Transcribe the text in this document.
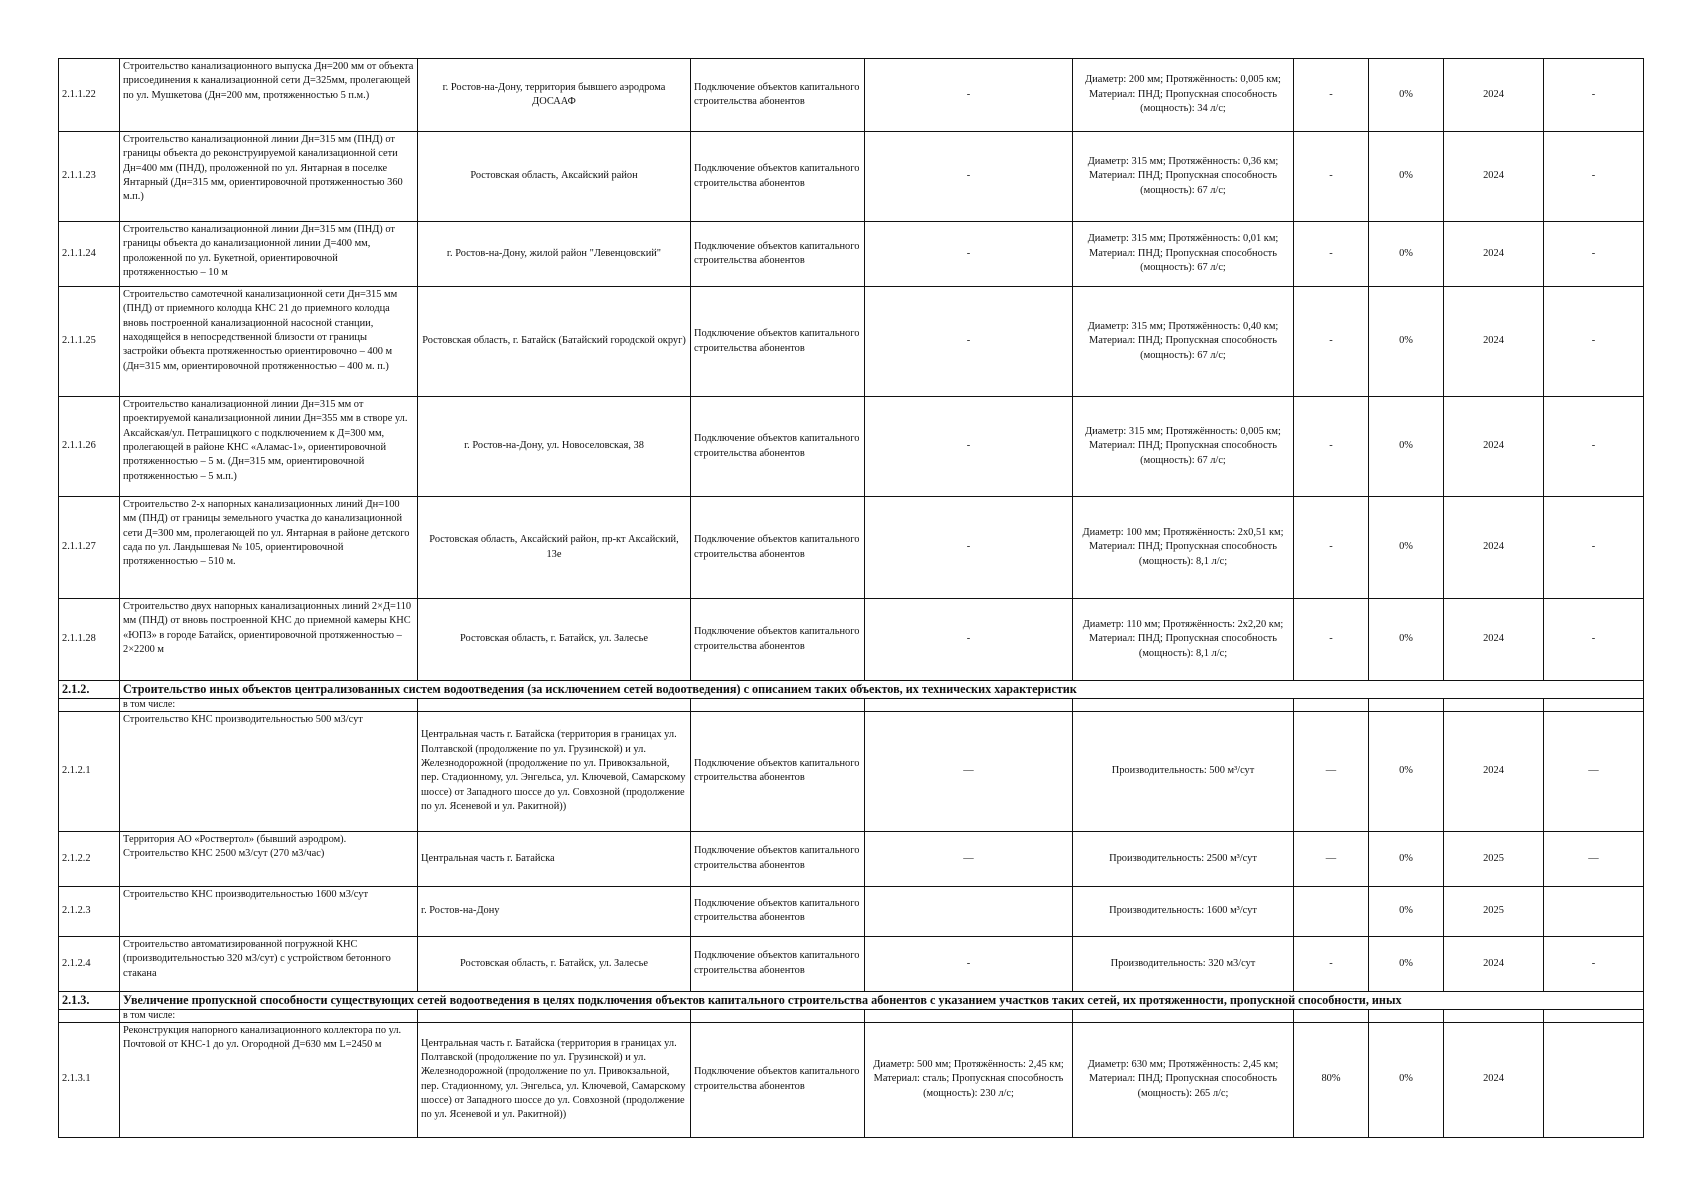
2.1.1.22	Строительство канализационного выпуска Дн=200 мм от объекта присоединения к канализационной сети Д=325мм, пролегающей по ул. Мушкетова (Дн=200 мм, протяженностью 5 п.м.)	г. Ростов-на-Дону, территория бывшего аэродрома ДОСААФ	Подключение объектов капитального строительства абонентов	-	Диаметр: 200 мм; Протяжённость: 0,005 км; Материал: ПНД; Пропускная способность (мощность): 34 л/с;	-	0%	2024	-
2.1.1.23	Строительство канализационной линии Дн=315 мм (ПНД) от границы объекта до реконструируемой канализационной сети Дн=400 мм (ПНД), проложенной по ул. Янтарная в поселке Янтарный (Дн=315 мм, ориентировочной протяженностью 360 м.п.)	Ростовская область, Аксайский район	Подключение объектов капитального строительства абонентов	-	Диаметр: 315 мм; Протяжённость: 0,36 км; Материал: ПНД; Пропускная способность (мощность): 67 л/с;	-	0%	2024	-
2.1.1.24	Строительство канализационной линии Дн=315 мм (ПНД) от границы объекта до канализационной линии Д=400 мм, проложенной по ул. Букетной, ориентировочной протяженностью – 10 м	г. Ростов-на-Дону, жилой район "Левенцовский"	Подключение объектов капитального строительства абонентов	-	Диаметр: 315 мм; Протяжённость: 0,01 км; Материал: ПНД; Пропускная способность (мощность): 67 л/с;	-	0%	2024	-
2.1.1.25	Строительство самотечной канализационной сети Дн=315 мм (ПНД) от приемного колодца КНС 21 до приемного колодца вновь построенной канализационной насосной станции, находящейся в непосредственной близости от границы застройки объекта протяженностью ориентировочно – 400 м (Дн=315 мм, ориентировочной протяженностью – 400 м. п.)	Ростовская область, г. Батайск (Батайский городской округ)	Подключение объектов капитального строительства абонентов	-	Диаметр: 315 мм; Протяжённость: 0,40 км; Материал: ПНД; Пропускная способность (мощность): 67 л/с;	-	0%	2024	-
2.1.1.26	Строительство канализационной линии Дн=315 мм от проектируемой канализационной линии Дн=355 мм в створе ул. Аксайская/ул. Петрашицкого с подключением к Д=300 мм, пролегающей в районе КНС «Аламас-1», ориентировочной протяженностью – 5 м. (Дн=315 мм, ориентировочной протяженностью – 5 м.п.)	г. Ростов-на-Дону, ул. Новоселовская, 38	Подключение объектов капитального строительства абонентов	-	Диаметр: 315 мм; Протяжённость: 0,005 км; Материал: ПНД; Пропускная способность (мощность): 67 л/с;	-	0%	2024	-
2.1.1.27	Строительство 2-х напорных канализационных линий Дн=100 мм (ПНД) от границы земельного участка до канализационной сети Д=300 мм, пролегающей по ул. Янтарная в районе детского сада по ул. Ландышевая № 105, ориентировочной протяженностью – 510 м.	Ростовская область, Аксайский район, пр-кт Аксайский, 13е	Подключение объектов капитального строительства абонентов	-	Диаметр: 100 мм; Протяжённость: 2х0,51 км; Материал: ПНД; Пропускная способность (мощность): 8,1 л/с;	-	0%	2024	-
2.1.1.28	Строительство двух напорных канализационных линий 2×Д=110 мм (ПНД) от вновь построенной КНС до приемной камеры КНС «ЮПЗ» в городе Батайск, ориентировочной протяженностью – 2×2200 м	Ростовская область, г. Батайск, ул. Залесье	Подключение объектов капитального строительства абонентов	-	Диаметр: 110 мм; Протяжённость: 2х2,20 км; Материал: ПНД; Пропускная способность (мощность): 8,1 л/с;	-	0%	2024	-
2.1.2.	Строительство иных объектов централизованных систем водоотведения (за исключением сетей водоотведения) с описанием таких объектов, их технических характеристик								
	в том числе:								
2.1.2.1	Строительство КНС производительностью 500 м3/сут	Центральная часть г. Батайска (территория в границах ул. Полтавской (продолжение по ул. Грузинской) и ул. Железнодорожной (продолжение по ул. Привокзальной, пер. Стадионному, ул. Энгельса, ул. Ключевой, Самарскому шоссе) от Западного шоссе до ул. Совхозной (продолжение по ул. Ясеневой и ул. Ракитной))	Подключение объектов капитального строительства абонентов	—	Производительность: 500 м³/сут	—	0%	2024	—
2.1.2.2	Территория АО «Роствертол» (бывший аэродром). Строительство КНС 2500 м3/сут (270 м3/час)	Центральная часть г. Батайска	Подключение объектов капитального строительства абонентов	—	Производительность: 2500 м³/сут	—	0%	2025	—
2.1.2.3	Строительство КНС производительностью 1600 м3/сут	г. Ростов-на-Дону	Подключение объектов капитального строительства абонентов		Производительность: 1600 м³/сут		0%	2025	
2.1.2.4	Строительство автоматизированной погружной КНС (производительностью 320 м3/сут) с устройством бетонного стакана	Ростовская область, г. Батайск, ул. Залесье	Подключение объектов капитального строительства абонентов	-	Производительность: 320 м3/сут	-	0%	2024	-
2.1.3.	Увеличение пропускной способности существующих сетей водоотведения в целях подключения объектов капитального строительства абонентов с указанием участков таких сетей, их протяженности, пропускной способности, иных								
	в том числе:								
2.1.3.1	Реконструкция напорного канализационного коллектора по ул. Почтовой от КНС-1 до ул. Огородной Д=630 мм L=2450 м	Центральная часть г. Батайска (территория в границах ул. Полтавской (продолжение по ул. Грузинской) и ул. Железнодорожной (продолжение по ул. Привокзальной, пер. Стадионному, ул. Энгельса, ул. Ключевой, Самарскому шоссе) от Западного шоссе до ул. Совхозной (продолжение по ул. Ясеневой и ул. Ракитной))	Подключение объектов капитального строительства абонентов	Диаметр: 500 мм; Протяжённость: 2,45 км; Материал: сталь; Пропускная способность (мощность): 230 л/с;	Диаметр: 630 мм; Протяжённость: 2,45 км; Материал: ПНД; Пропускная способность (мощность): 265 л/с;	80%	0%	2024	
